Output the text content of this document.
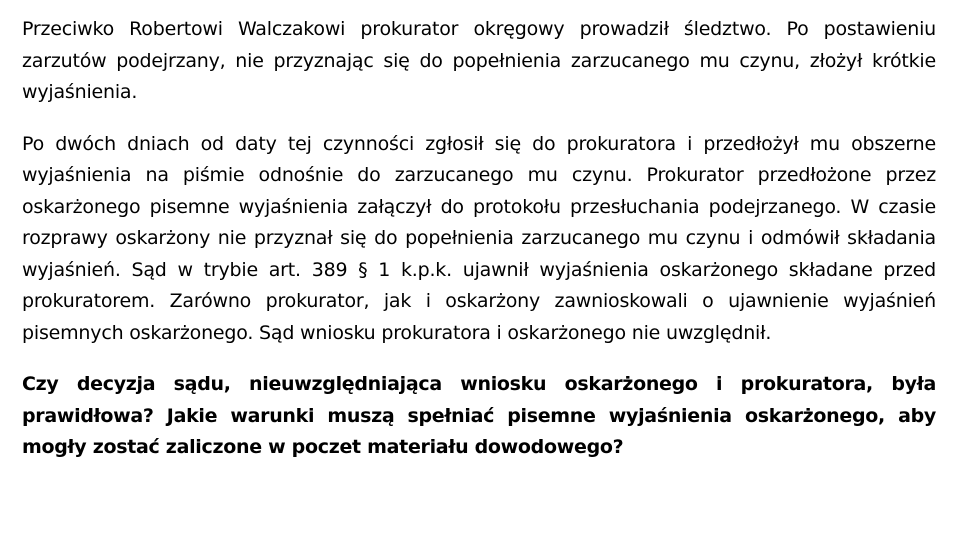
Przeciwko Robertowi Walczakowi prokurator okręgowy prowadził śledztwo. Po postawieniu zarzutów podejrzany, nie przyznając się do popełnienia zarzucanego mu czynu, złożył krótkie wyjaśnienia.

Po dwóch dniach od daty tej czynności zgłosił się do prokuratora i przedłożył mu obszerne wyjaśnienia na piśmie odnośnie do zarzucanego mu czynu. Prokurator przedłożone przez oskarżonego pisemne wyjaśnienia załączył do protokołu przesłuchania podejrzanego. W czasie rozprawy oskarżony nie przyznał się do popełnienia zarzucanego mu czynu i odmówił składania wyjaśnień. Sąd w trybie art. 389 § 1 k.p.k. ujawnił wyjaśnienia oskarżonego składane przed prokuratorem. Zarówno prokurator, jak i oskarżony zawnioskowali o ujawnienie wyjaśnień pisemnych oskarżonego. Sąd wniosku prokuratora i oskarżonego nie uwzględnił.

Czy decyzja sądu, nieuwzględniająca wniosku oskarżonego i prokuratora, była prawidłowa? Jakie warunki muszą spełniać pisemne wyjaśnienia oskarżonego, aby mogły zostać zaliczone w poczet materiału dowodowego?
